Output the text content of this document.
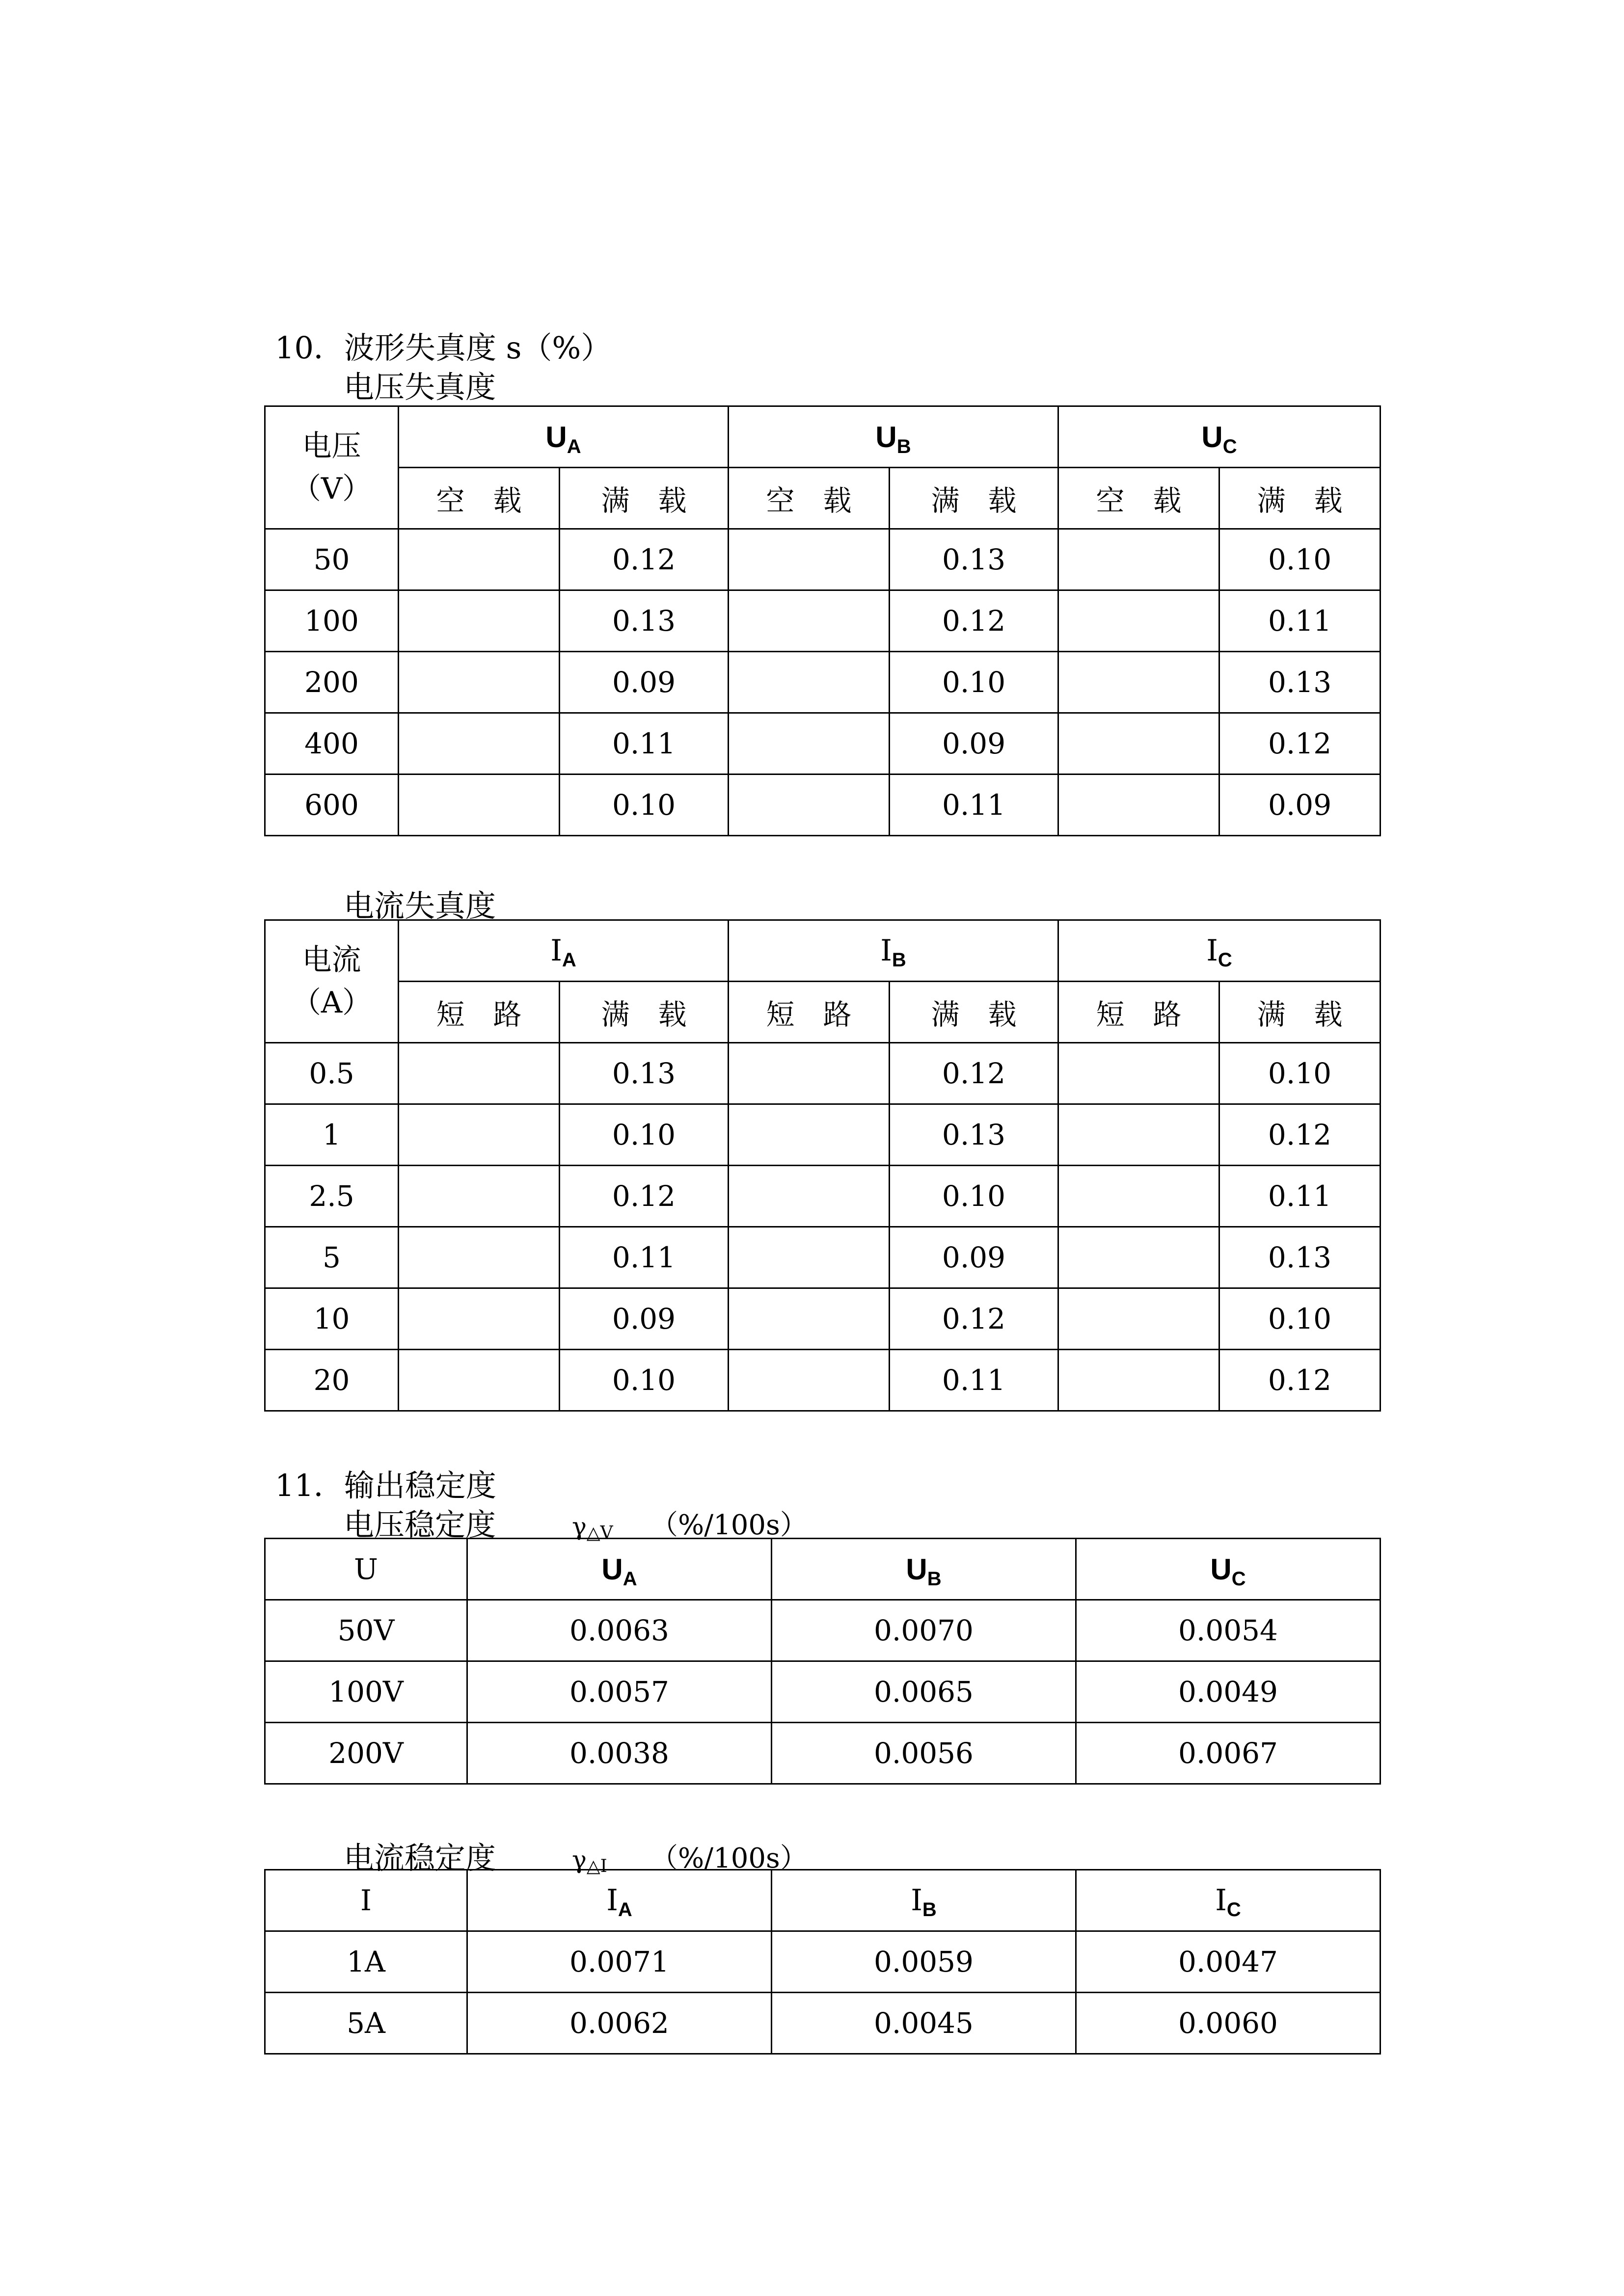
10．波形失真度 s（%）
电压失真度
电压
（V）	$U_A$		$U_B$		$U_C$
	空　载	满　载	空　载	满　载	空　载	满　载
50		0.12		0.13		0.10
100		0.13		0.12		0.11
200		0.09		0.10		0.13
400		0.11		0.09		0.12
600		0.10		0.11		0.09
电流失真度
电流
（A）	$I_A$		$I_B$		$I_C$
	短　路	满　载	短　路	满　载	短　路	满　载
0.5		0.13		0.12		0.10
1		0.10		0.13		0.12
2.5		0.12		0.10		0.11
5		0.11		0.09		0.13
10		0.09		0.12		0.10
20		0.10		0.11		0.12
11．输出稳定度
电压稳定度	$\gamma_{\triangle V}$ （%/100s）
U	$U_A$	$U_B$	$U_C$
50V	0.0063	0.0070	0.0054
100V	0.0057	0.0065	0.0049
200V	0.0038	0.0056	0.0067
电流稳定度	$\gamma_{\triangle I}$ （%/100s）
I	$I_A$	$I_B$	$I_C$
1A	0.0071	0.0059	0.0047
5A	0.0062	0.0045	0.0060
